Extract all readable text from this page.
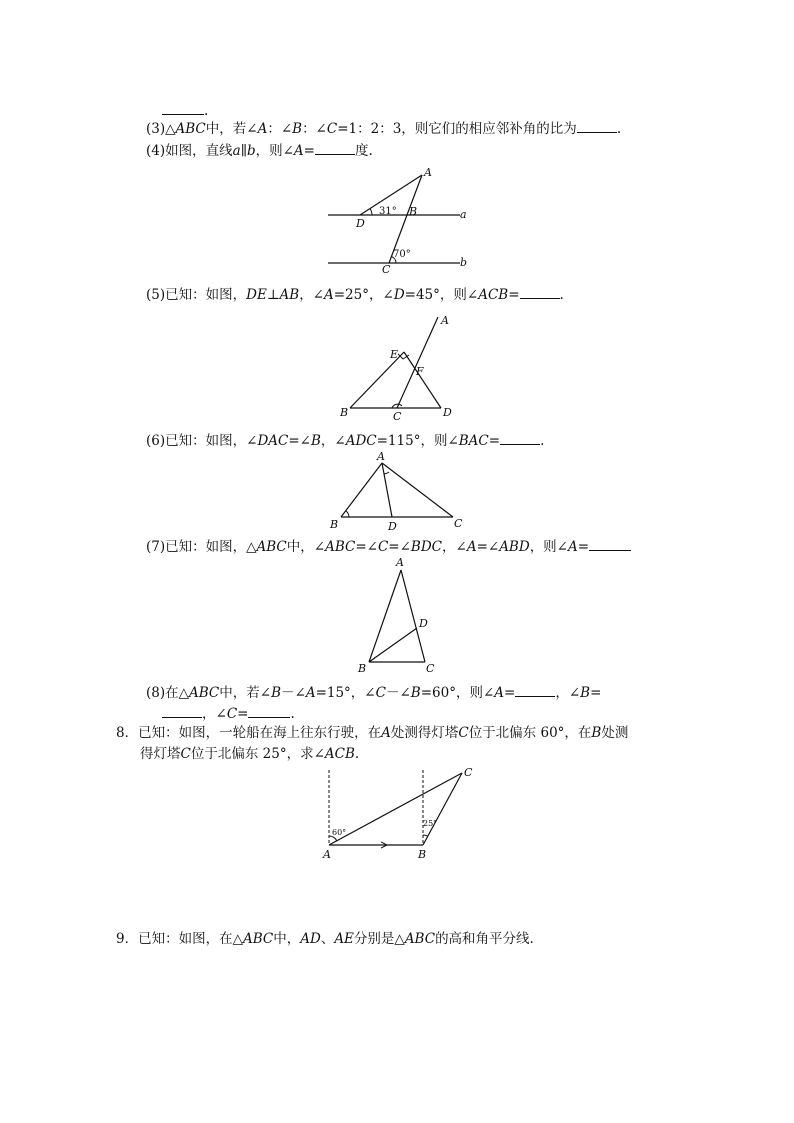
.
(3)△ABC中，若∠A：∠B：∠C=1：2：3，则它们的相应邻补角的比为	.
(4)如图，直线a∥b，则∠A=	度.
A
B
D
C
a
b
31°
70°
(5)已知：如图，DE⊥AB，∠A=25°，∠D=45°，则∠ACB=	.
A
E
F
B	C	D
(6)已知：如图，∠DAC=∠B，∠ADC=115°，则∠BAC=	.
A
B	D	C
(7)已知：如图，△ABC中，∠ABC=∠C=∠BDC，∠A=∠ABD，则∠A=
A
D
B	C
(8)在△ABC中，若∠B－∠A=15°，∠C－∠B=60°，则∠A=	，∠B=
，∠C=	.
8．已知：如图，一轮船在海上往东行驶，在A处测得灯塔C位于北偏东 60°，在B处测
得灯塔C位于北偏东 25°，求∠ACB.
60°
25°
A	B
C
9．已知：如图，在△ABC中，AD、AE分别是△ABC的高和角平分线.
